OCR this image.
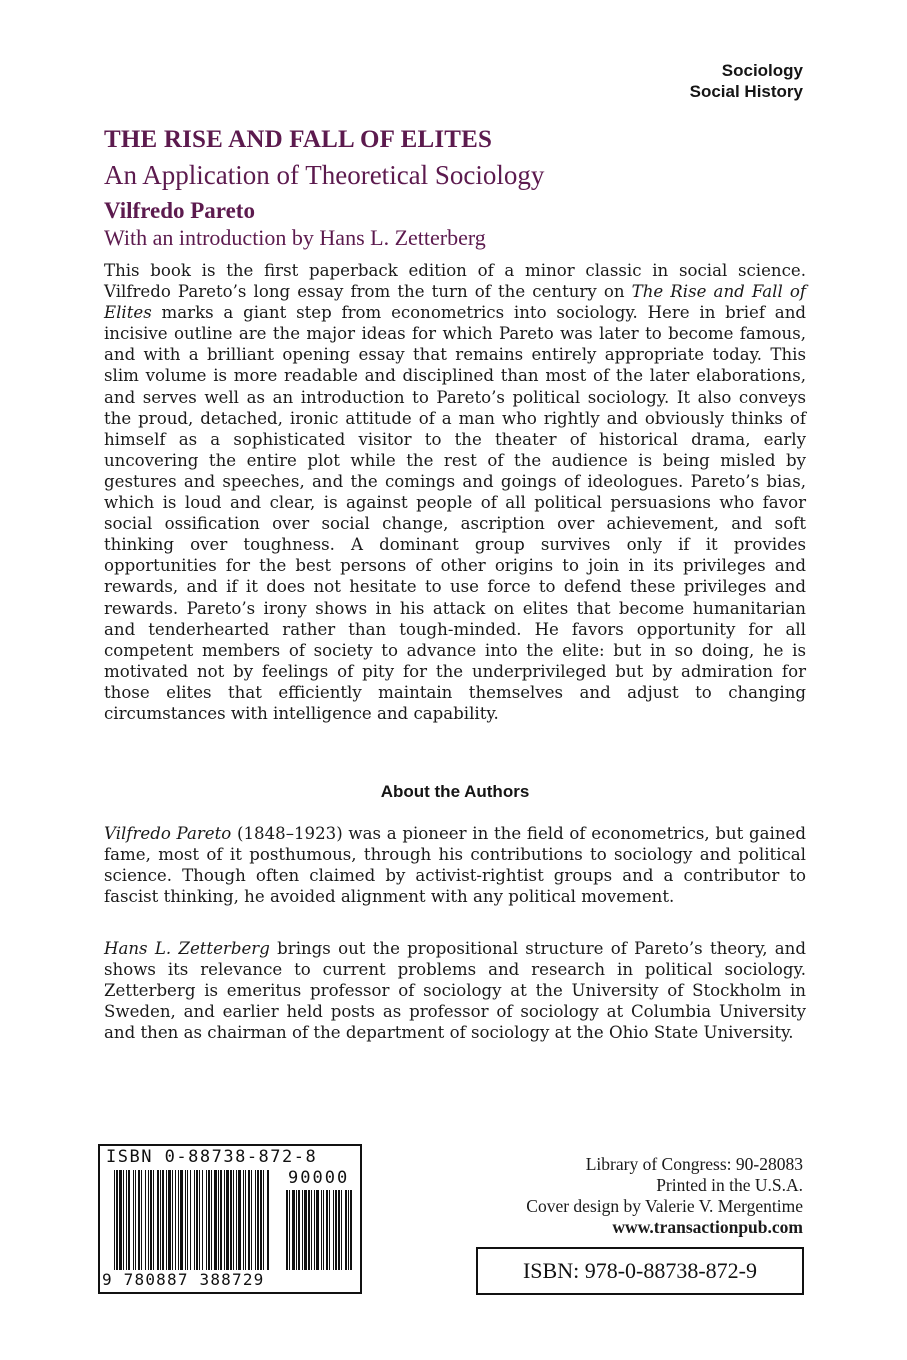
Sociology
Social History
THE RISE AND FALL OF ELITES
An Application of Theoretical Sociology
Vilfredo Pareto
With an introduction by Hans L. Zetterberg

This book is the first paperback edition of a minor classic in social science. Vilfredo Pareto’s long essay from the turn of the century on The Rise and Fall of Elites marks a giant step from econometrics into sociology. Here in brief and incisive outline are the major ideas for which Pareto was later to become famous, and with a brilliant opening essay that remains entirely appropriate today. This slim volume is more readable and disciplined than most of the later elaborations, and serves well as an introduction to Pareto’s political sociology. It also conveys the proud, detached, ironic attitude of a man who rightly and obviously thinks of himself as a sophisticated visitor to the theater of historical drama, early uncovering the entire plot while the rest of the audience is being misled by gestures and speeches, and the comings and goings of ideologues. Pareto’s bias, which is loud and clear, is against people of all political persuasions who favor social ossification over social change, ascription over achievement, and soft thinking over toughness. A dominant group survives only if it provides opportunities for the best persons of other origins to join in its privileges and rewards, and if it does not hesitate to use force to defend these privileges and rewards. Pareto’s irony shows in his attack on elites that become humanitarian and tenderhearted rather than tough-minded. He favors opportunity for all competent members of society to advance into the elite: but in so doing, he is motivated not by feelings of pity for the underprivileged but by admiration for those elites that efficiently maintain themselves and adjust to changing circumstances with intelligence and capability.

About the Authors

Vilfredo Pareto (1848–1923) was a pioneer in the field of econometrics, but gained fame, most of it posthumous, through his contributions to sociology and political science. Though often claimed by activist-rightist groups and a contributor to fascist thinking, he avoided alignment with any political movement.

Hans L. Zetterberg brings out the propositional structure of Pareto’s theory, and shows its relevance to current problems and research in political sociology. Zetterberg is emeritus professor of sociology at the University of Stockholm in Sweden, and earlier held posts as professor of sociology at Columbia University and then as chairman of the department of sociology at the Ohio State University.

ISBN 0-88738-872-8
90000
9 780887 388729
Library of Congress: 90-28083
Printed in the U.S.A.
Cover design by Valerie V. Mergentime
www.transactionpub.com
ISBN: 978-0-88738-872-9
